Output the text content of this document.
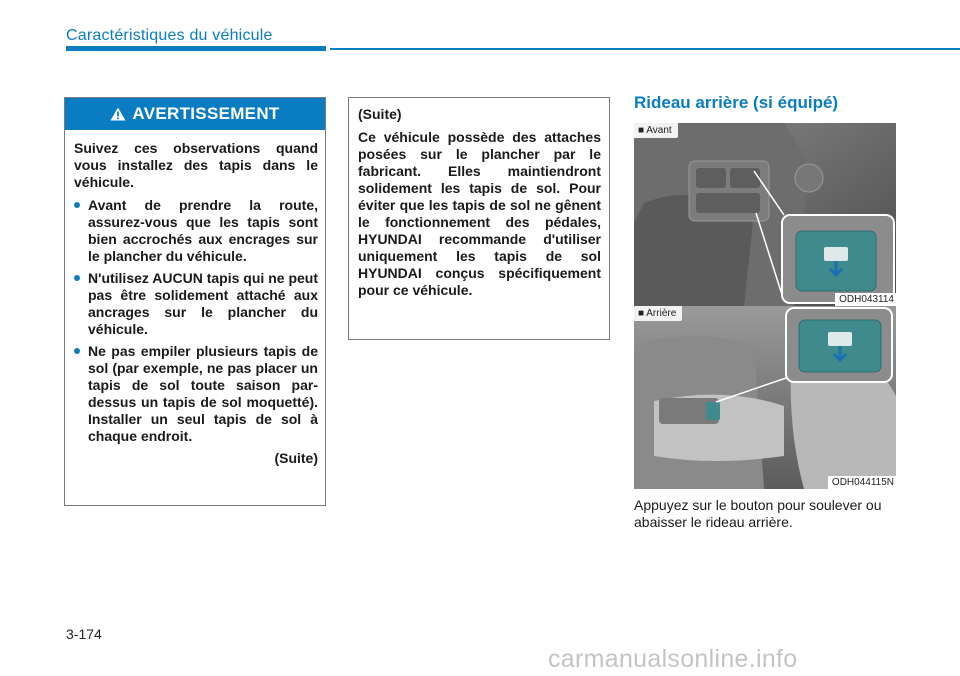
Caractéristiques du véhicule
AVERTISSEMENT

Suivez ces observations quand vous installez des tapis dans le véhicule.

Avant de prendre la route, assurez-vous que les tapis sont bien accrochés aux encrages sur le plancher du véhicule.
N'utilisez AUCUN tapis qui ne peut pas être solidement attaché aux ancrages sur le plancher du véhicule.
Ne pas empiler plusieurs tapis de sol (par exemple, ne pas placer un tapis de sol toute saison par-dessus un tapis de sol moquetté). Installer un seul tapis de sol à chaque endroit.
(Suite)

(Suite)

Ce véhicule possède des attaches posées sur le plancher par le fabricant. Elles maintiendront solidement les tapis de sol. Pour éviter que les tapis de sol ne gênent le fonctionnement des pédales, HYUNDAI recommande d'utiliser uniquement les tapis de sol HYUNDAI conçus spécifiquement pour ce véhicule.

Rideau arrière (si équipé)
■ Avant
ODH043114
■ Arrière
ODH044115N
Appuyez sur le bouton pour soulever ou abaisser le rideau arrière.
3-174
carmanualsonline.info
